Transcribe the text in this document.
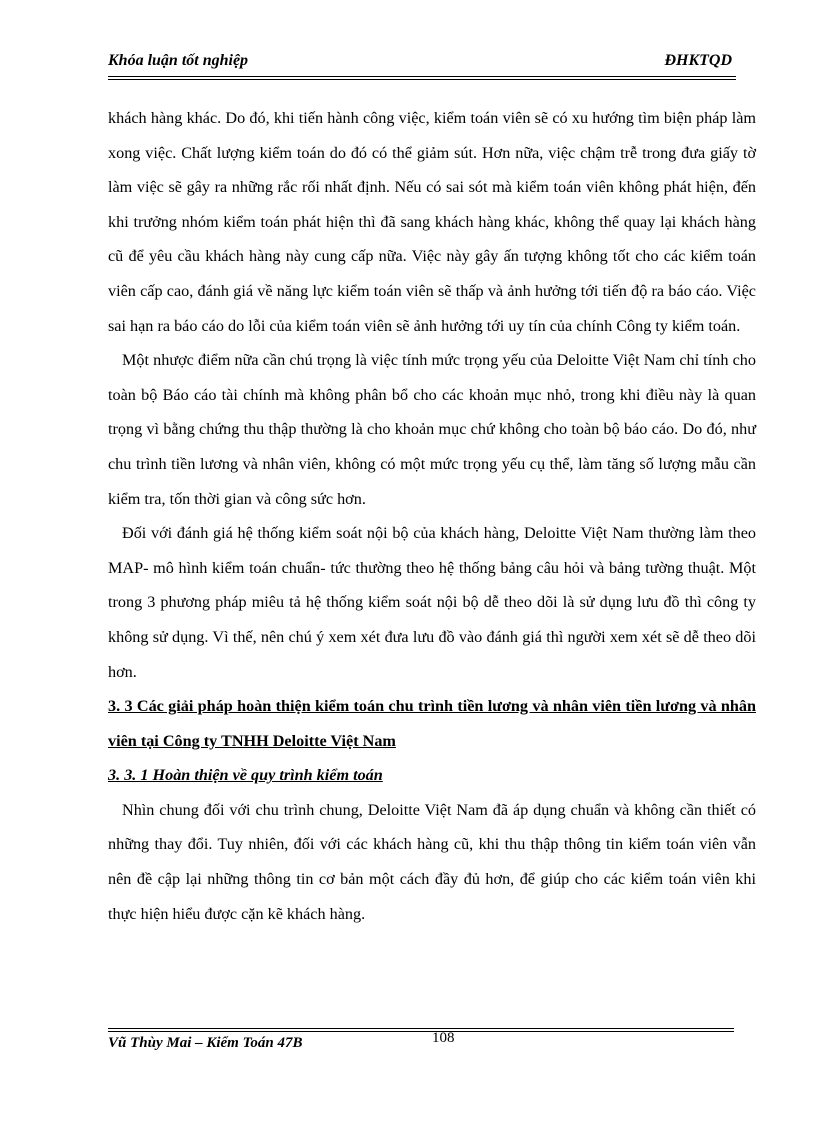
Khóa luận tốt nghiệp	ĐHKTQD

khách hàng khác. Do đó, khi tiến hành công việc, kiểm toán viên sẽ có xu hướng tìm biện pháp làm xong việc. Chất lượng kiểm toán do đó có thể giảm sút. Hơn nữa, việc chậm trễ trong đưa giấy tờ làm việc sẽ gây ra những rắc rối nhất định. Nếu có sai sót mà kiểm toán viên không phát hiện, đến khi trưởng nhóm kiểm toán phát hiện thì đã sang khách hàng khác, không thể quay lại khách hàng cũ để yêu cầu khách hàng này cung cấp nữa. Việc này gây ấn tượng không tốt cho các kiểm toán viên cấp cao, đánh giá về năng lực kiểm toán viên sẽ thấp và ảnh hưởng tới tiến độ ra báo cáo. Việc sai hạn ra báo cáo do lỗi của kiểm toán viên sẽ ảnh hưởng tới uy tín của chính Công ty kiểm toán.

Một nhược điểm nữa cần chú trọng là việc tính mức trọng yếu của Deloitte Việt Nam chỉ tính cho toàn bộ Báo cáo tài chính mà không phân bổ cho các khoản mục nhỏ, trong khi điều này là quan trọng vì bằng chứng thu thập thường là cho khoản mục chứ không cho toàn bộ báo cáo. Do đó, như chu trình tiền lương và nhân viên, không có một mức trọng yếu cụ thể, làm tăng số lượng mẫu cần kiểm tra, tốn thời gian và công sức hơn.

Đối với đánh giá hệ thống kiểm soát nội bộ của khách hàng, Deloitte Việt Nam thường làm theo MAP- mô hình kiểm toán chuẩn- tức thường theo hệ thống bảng câu hỏi và bảng tường thuật. Một trong 3 phương pháp miêu tả hệ thống kiểm soát nội bộ dễ theo dõi là sử dụng lưu đồ thì công ty không sử dụng. Vì thế, nên chú ý xem xét đưa lưu đồ vào đánh giá thì người xem xét sẽ dễ theo dõi hơn.

3. 3 Các giải pháp hoàn thiện kiểm toán chu trình tiền lương và nhân viên tiền lương và nhân viên tại Công ty TNHH Deloitte Việt Nam

3. 3. 1 Hoàn thiện về quy trình kiểm toán

Nhìn chung đối với chu trình chung, Deloitte Việt Nam đã áp dụng chuẩn và không cần thiết có những thay đổi. Tuy nhiên, đối với các khách hàng cũ, khi thu thập thông tin kiểm toán viên vẫn nên đề cập lại những thông tin cơ bản một cách đầy đủ hơn, để giúp cho các kiểm toán viên khi thực hiện hiểu được cặn kẽ khách hàng.

Vũ Thùy Mai – Kiểm Toán 47B	108
